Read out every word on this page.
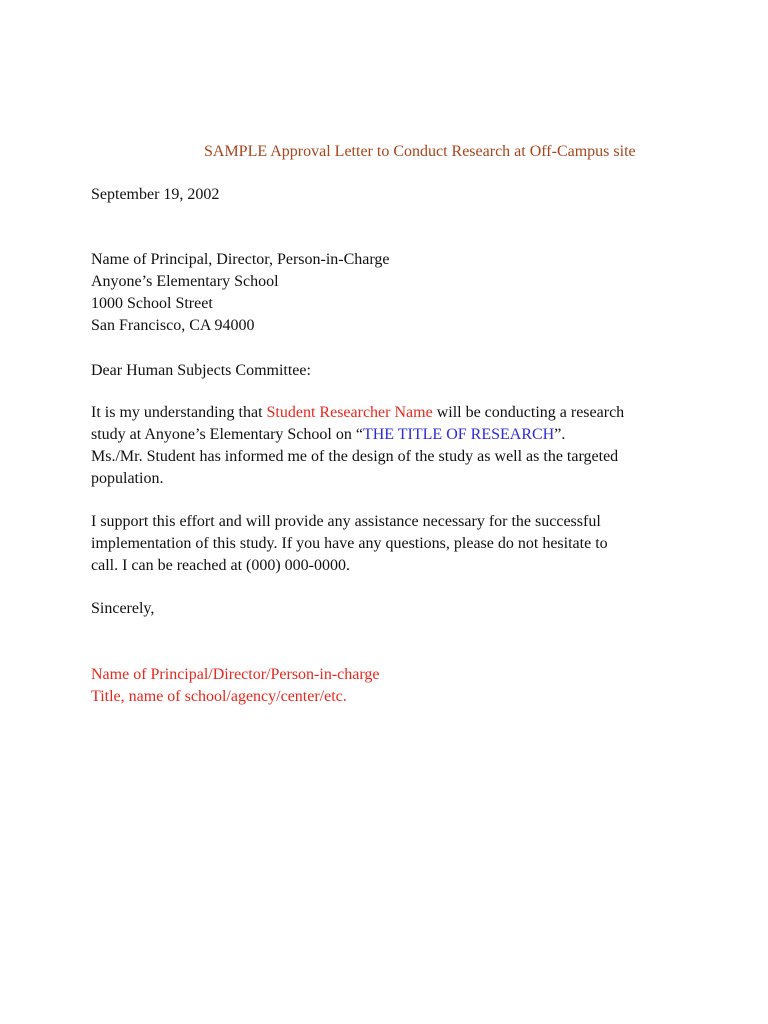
SAMPLE Approval Letter to Conduct Research at Off-Campus site
September 19, 2002
Name of Principal, Director, Person-in-Charge
Anyone’s Elementary School
1000 School Street
San Francisco, CA 94000
Dear Human Subjects Committee:
It is my understanding that Student Researcher Name will be conducting a research
study at Anyone’s Elementary School on “THE TITLE OF RESEARCH”.
Ms./Mr. Student has informed me of the design of the study as well as the targeted
population.
I support this effort and will provide any assistance necessary for the successful
implementation of this study. If you have any questions, please do not hesitate to
call. I can be reached at (000) 000-0000.
Sincerely,
Name of Principal/Director/Person-in-charge
Title, name of school/agency/center/etc.
